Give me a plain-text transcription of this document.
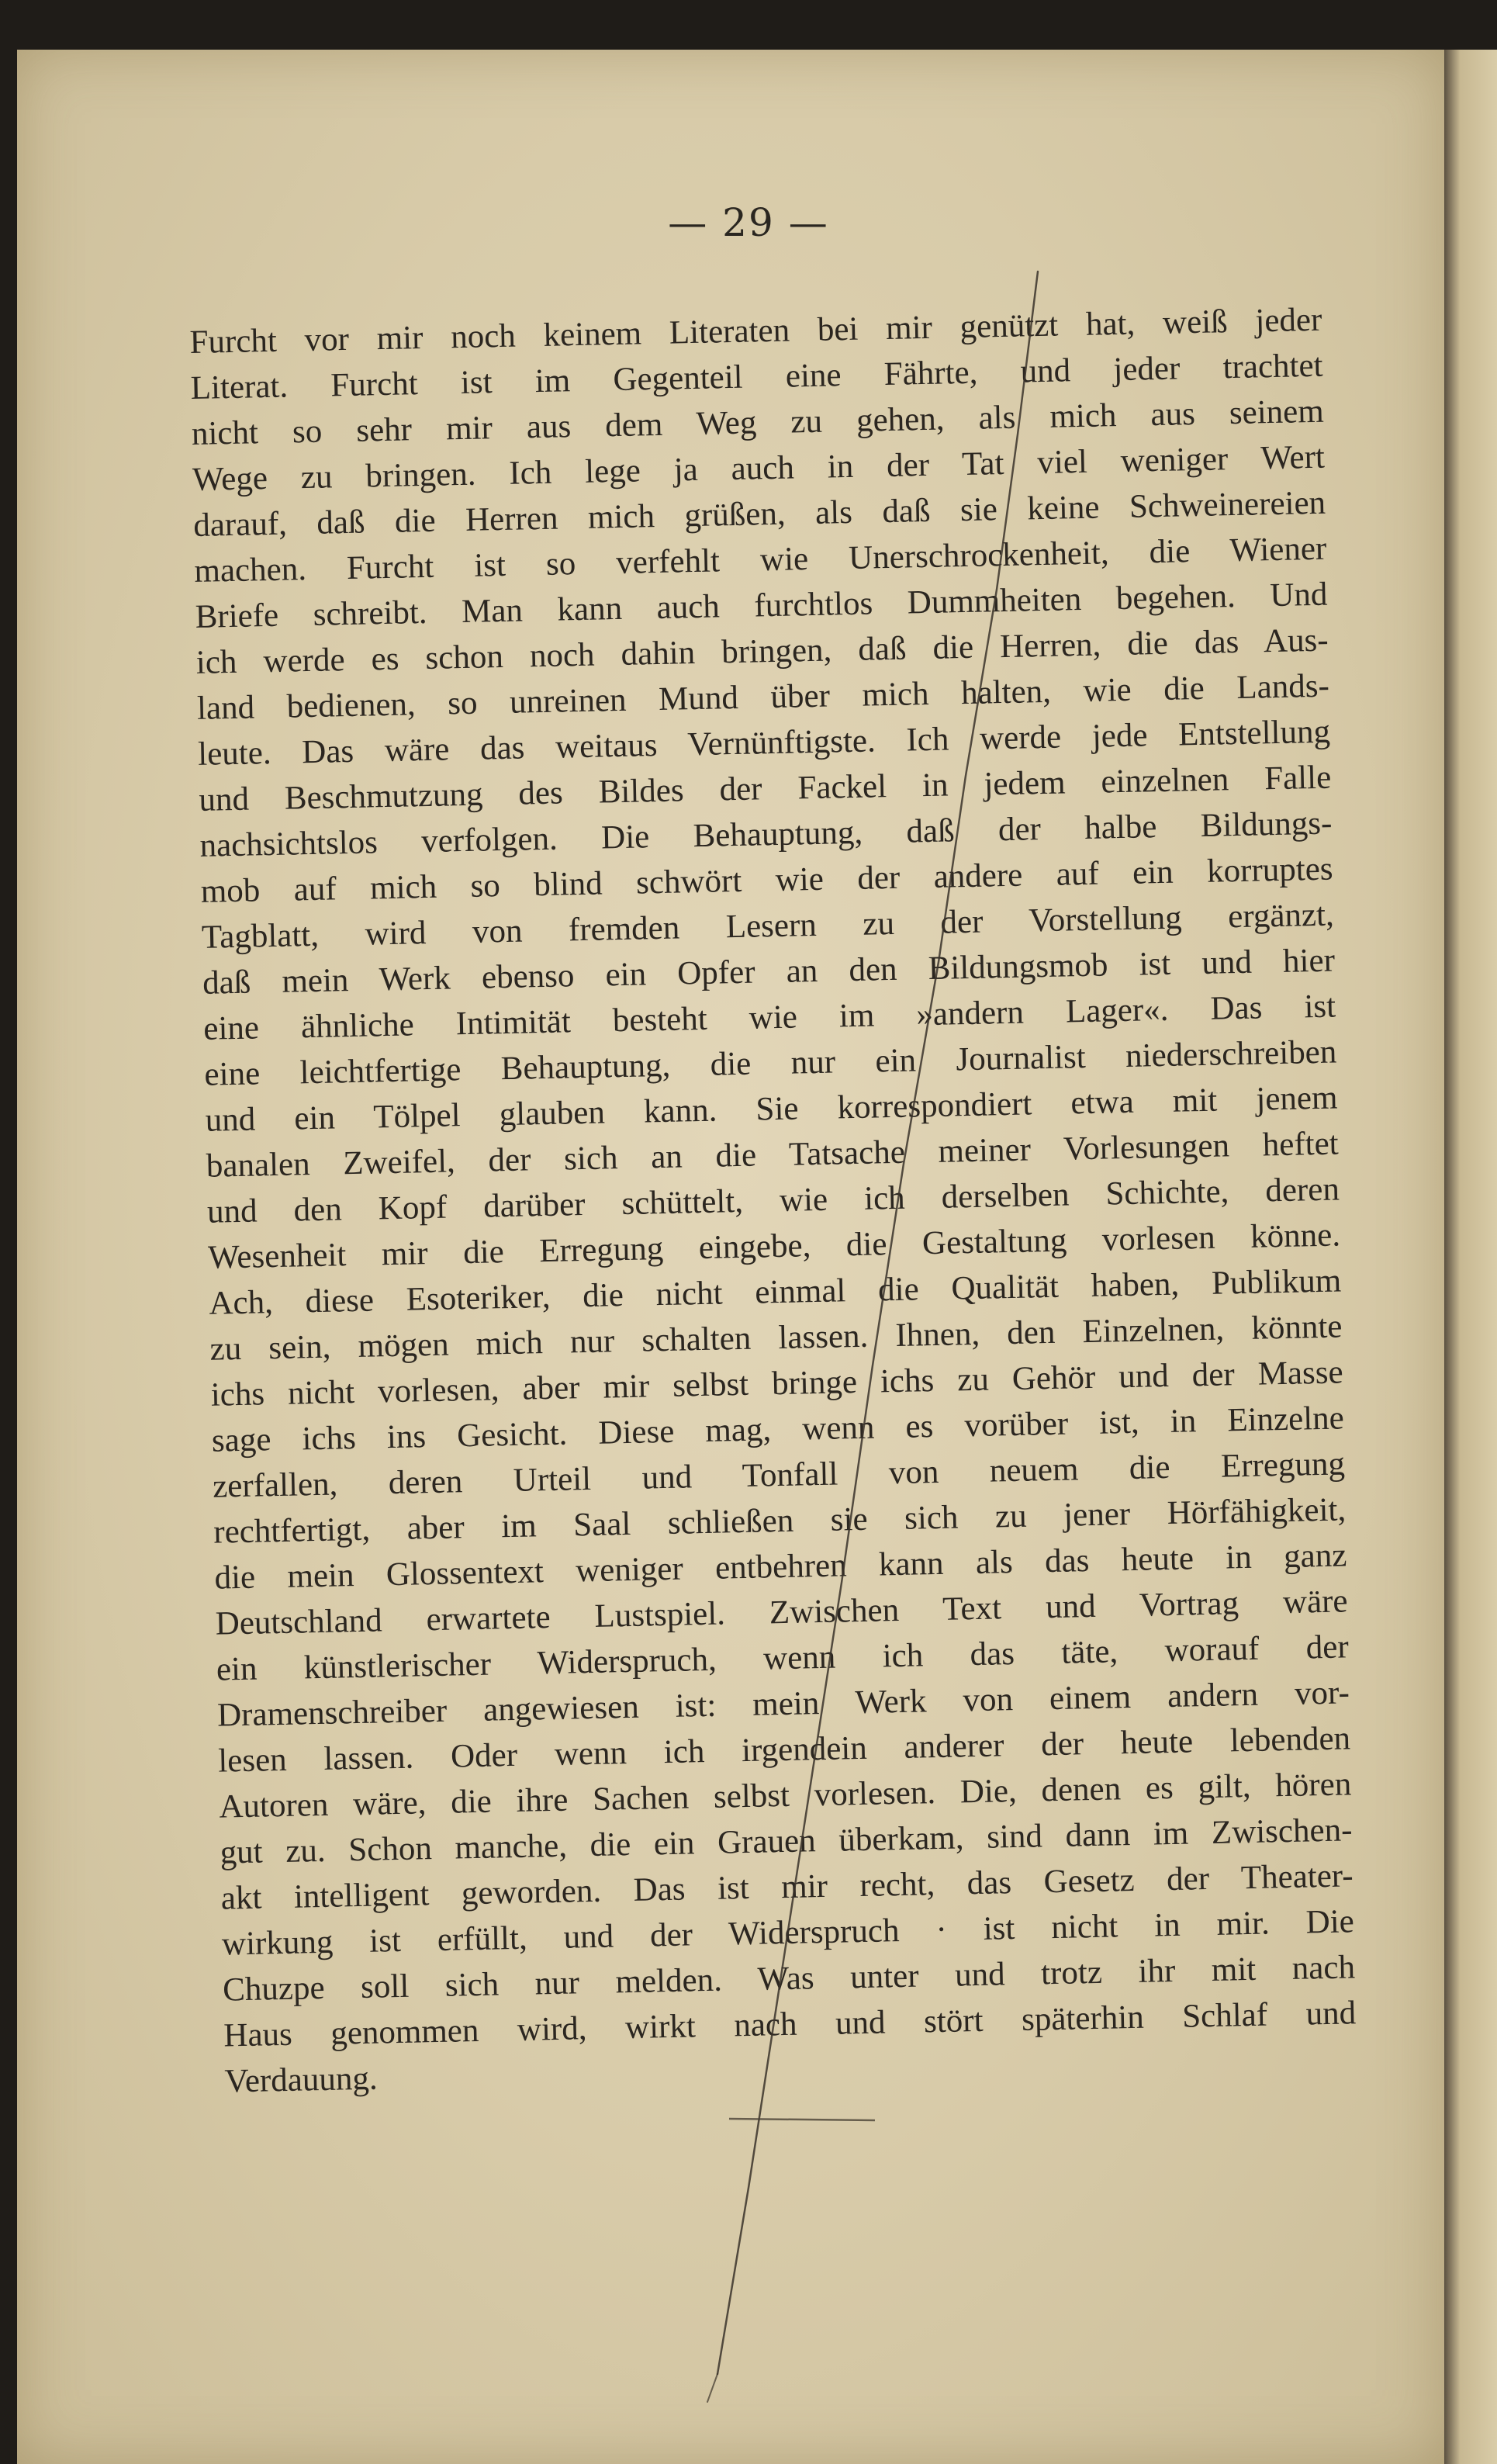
— 29 —
Furcht vor mir noch keinem Literaten bei mir genützt hat, weiß jeder
Literat. Furcht ist im Gegenteil eine Fährte, und jeder trachtet
nicht so sehr mir aus dem Weg zu gehen, als mich aus seinem
Wege zu bringen. Ich lege ja auch in der Tat viel weniger Wert
darauf, daß die Herren mich grüßen, als daß sie keine Schweinereien
machen. Furcht ist so verfehlt wie Unerschrockenheit, die Wiener
Briefe schreibt. Man kann auch furchtlos Dummheiten begehen. Und
ich werde es schon noch dahin bringen, daß die Herren, die das Aus-
land bedienen, so unreinen Mund über mich halten, wie die Lands-
leute. Das wäre das weitaus Vernünftigste. Ich werde jede Entstellung
und Beschmutzung des Bildes der Fackel in jedem einzelnen Falle
nachsichtslos verfolgen. Die Behauptung, daß der halbe Bildungs-
mob auf mich so blind schwört wie der andere auf ein korruptes
Tagblatt, wird von fremden Lesern zu der Vorstellung ergänzt,
daß mein Werk ebenso ein Opfer an den Bildungsmob ist und hier
eine ähnliche Intimität besteht wie im »andern Lager«. Das ist
eine leichtfertige Behauptung, die nur ein Journalist niederschreiben
und ein Tölpel glauben kann. Sie korrespondiert etwa mit jenem
banalen Zweifel, der sich an die Tatsache meiner Vorlesungen heftet
und den Kopf darüber schüttelt, wie ich derselben Schichte, deren
Wesenheit mir die Erregung eingebe, die Gestaltung vorlesen könne.
Ach, diese Esoteriker, die nicht einmal die Qualität haben, Publikum
zu sein, mögen mich nur schalten lassen. Ihnen, den Einzelnen, könnte
ichs nicht vorlesen, aber mir selbst bringe ichs zu Gehör und der Masse
sage ichs ins Gesicht. Diese mag, wenn es vorüber ist, in Einzelne
zerfallen, deren Urteil und Tonfall von neuem die Erregung
rechtfertigt, aber im Saal schließen sie sich zu jener Hörfähigkeit,
die mein Glossentext weniger entbehren kann als das heute in ganz
Deutschland erwartete Lustspiel. Zwischen Text und Vortrag wäre
ein künstlerischer Widerspruch, wenn ich das täte, worauf der
Dramenschreiber angewiesen ist: mein Werk von einem andern vor-
lesen lassen. Oder wenn ich irgendein anderer der heute lebenden
Autoren wäre, die ihre Sachen selbst vorlesen. Die, denen es gilt, hören
gut zu. Schon manche, die ein Grauen überkam, sind dann im Zwischen-
akt intelligent geworden. Das ist mir recht, das Gesetz der Theater-
wirkung ist erfüllt, und der Widerspruch · ist nicht in mir. Die
Chuzpe soll sich nur melden. Was unter und trotz ihr mit nach
Haus genommen wird, wirkt nach und stört späterhin Schlaf und
Verdauung.
